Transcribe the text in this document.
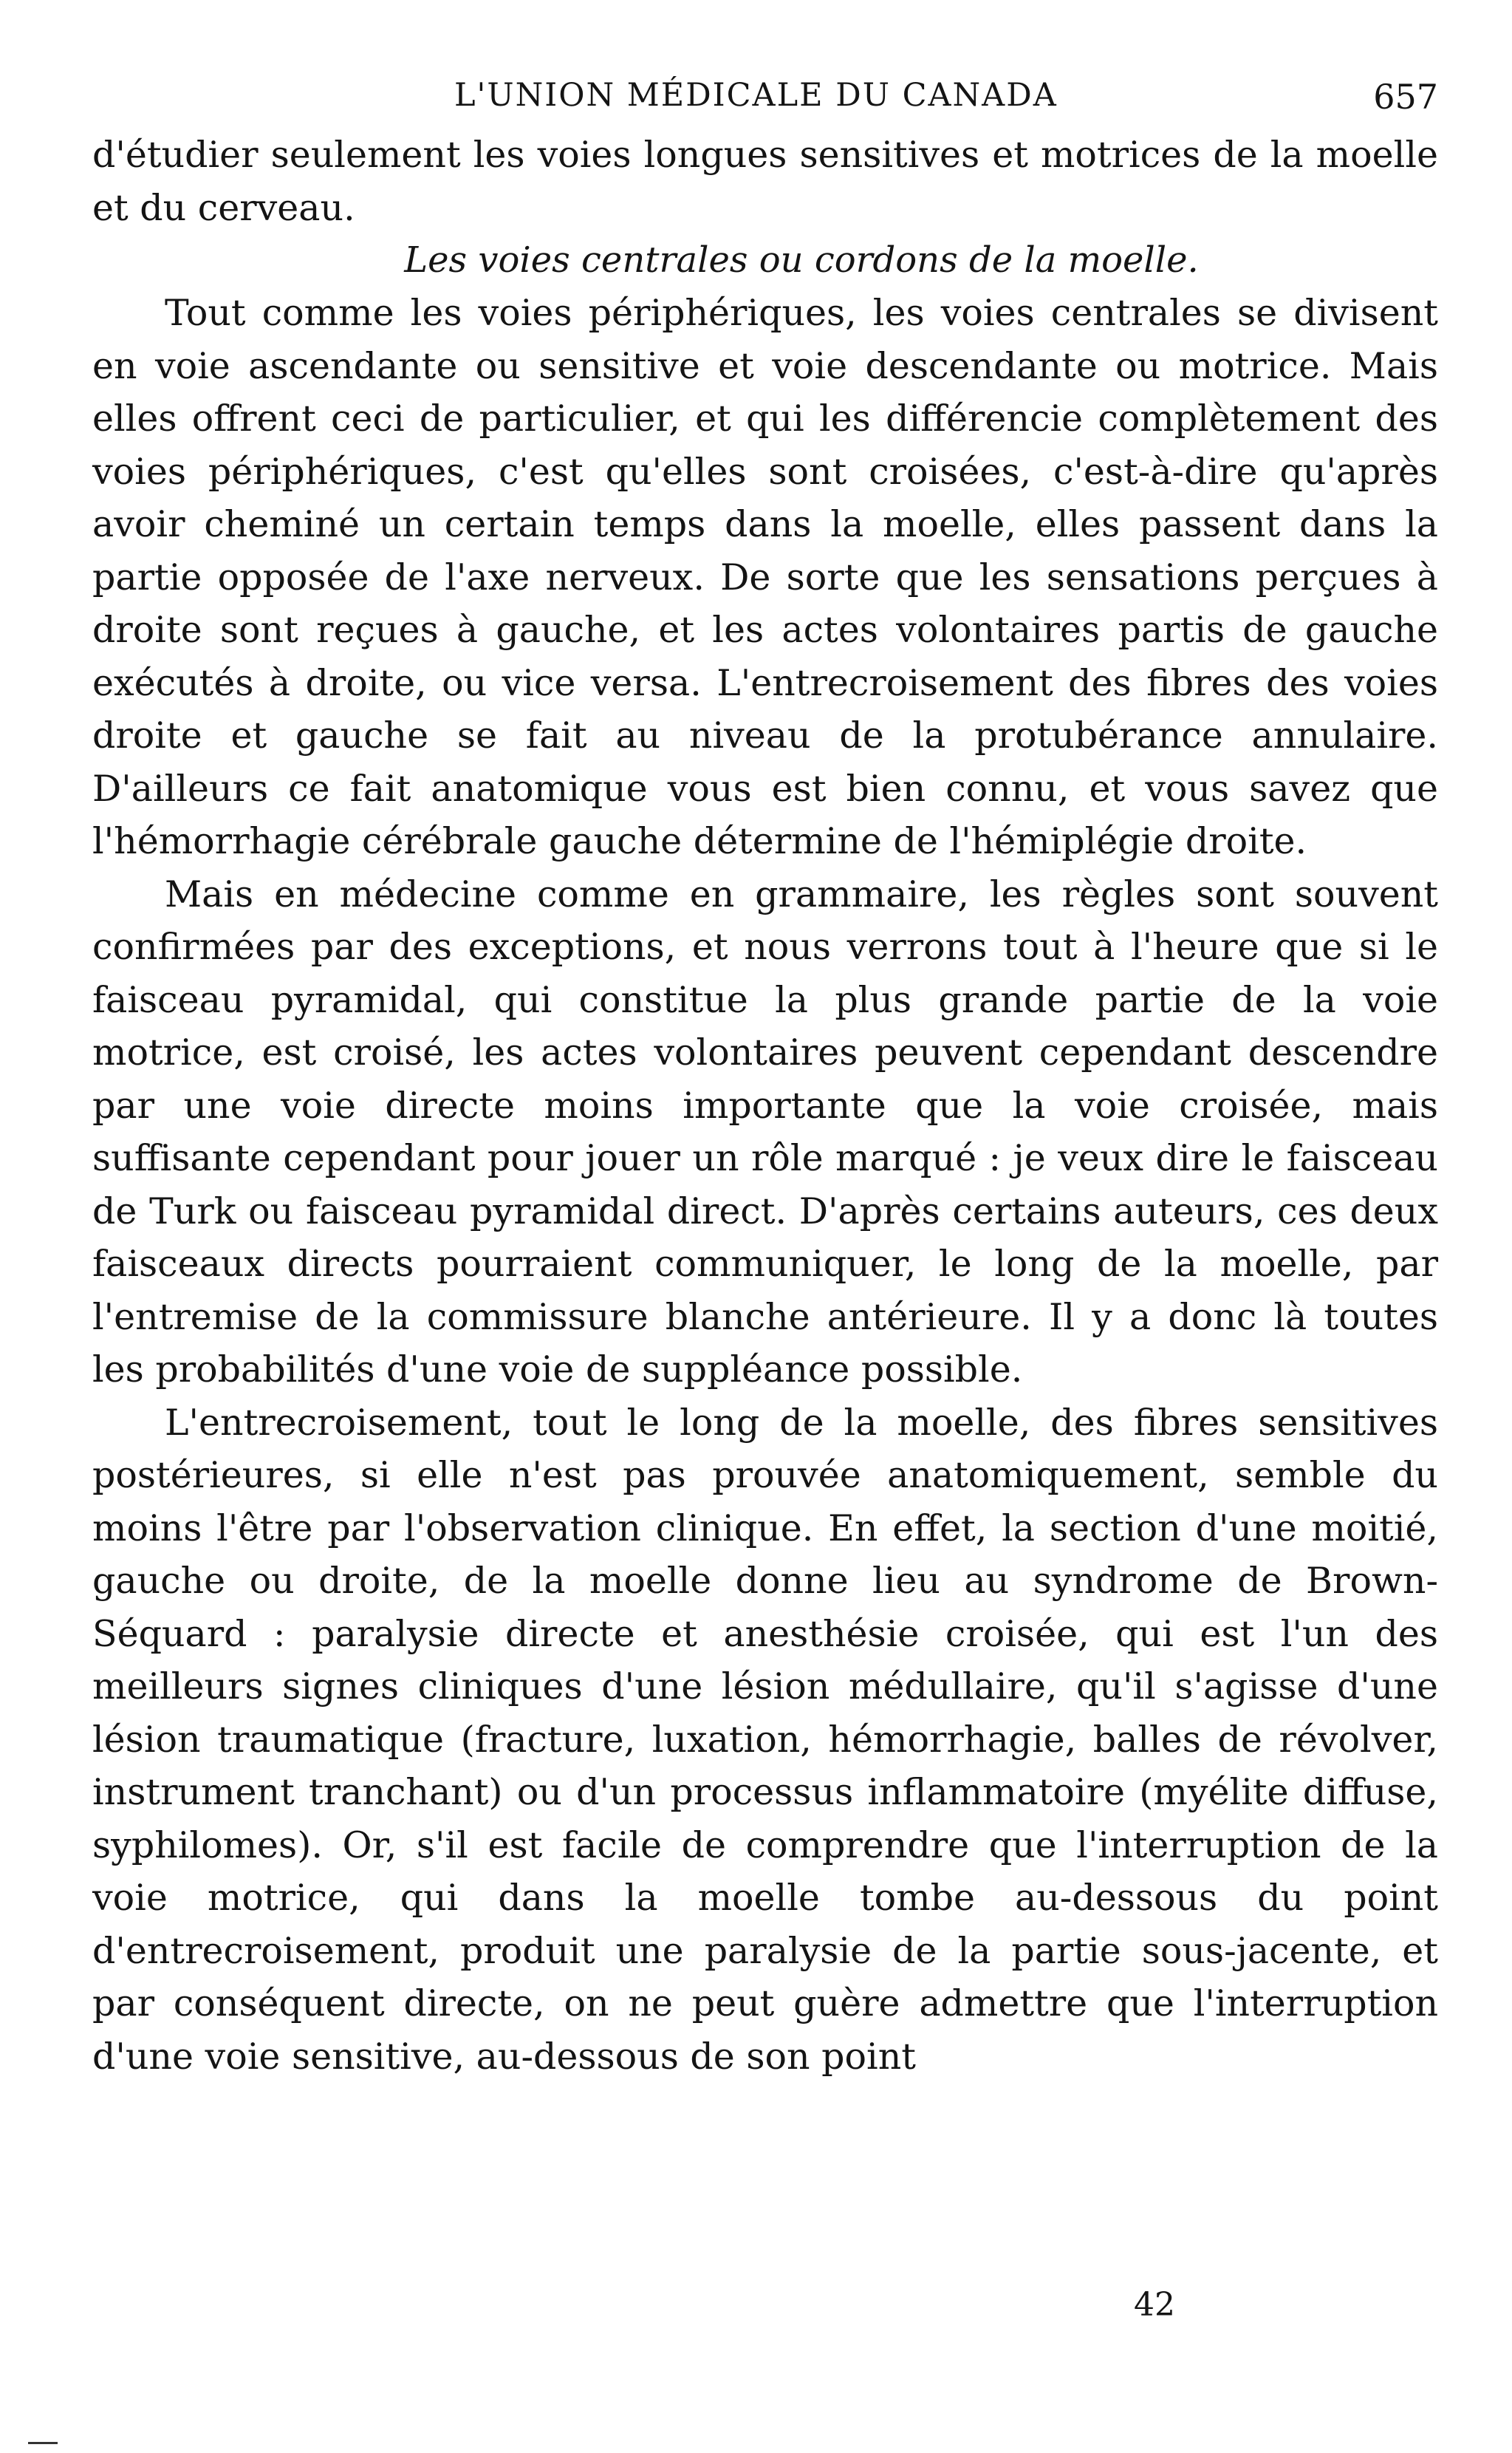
L'UNION MÉDICALE DU CANADA	657

d'étudier seulement les voies longues sensitives et motrices de la moelle et du cerveau.

Les voies centrales ou cordons de la moelle.

Tout comme les voies périphériques, les voies centrales se divisent en voie ascendante ou sensitive et voie descendante ou motrice. Mais elles offrent ceci de particulier, et qui les différencie complètement des voies périphériques, c'est qu'elles sont croisées, c'est-à-dire qu'après avoir cheminé un certain temps dans la moelle, elles passent dans la partie opposée de l'axe nerveux. De sorte que les sensations perçues à droite sont reçues à gauche, et les actes volontaires partis de gauche exécutés à droite, ou vice versa. L'entrecroisement des fibres des voies droite et gauche se fait au niveau de la protubérance annulaire. D'ailleurs ce fait anatomique vous est bien connu, et vous savez que l'hémorrhagie cérébrale gauche détermine de l'hémiplégie droite.

Mais en médecine comme en grammaire, les règles sont souvent confirmées par des exceptions, et nous verrons tout à l'heure que si le faisceau pyramidal, qui constitue la plus grande partie de la voie motrice, est croisé, les actes volontaires peuvent cependant descendre par une voie directe moins importante que la voie croisée, mais suffisante cependant pour jouer un rôle marqué : je veux dire le faisceau de Turk ou faisceau pyramidal direct. D'après certains auteurs, ces deux faisceaux directs pourraient communiquer, le long de la moelle, par l'entremise de la commissure blanche antérieure. Il y a donc là toutes les probabilités d'une voie de suppléance possible.

L'entrecroisement, tout le long de la moelle, des fibres sensitives postérieures, si elle n'est pas prouvée anatomiquement, semble du moins l'être par l'observation clinique. En effet, la section d'une moitié, gauche ou droite, de la moelle donne lieu au syndrome de Brown-Séquard : paralysie directe et anesthésie croisée, qui est l'un des meilleurs signes cliniques d'une lésion médullaire, qu'il s'agisse d'une lésion traumatique (fracture, luxation, hémorrhagie, balles de révolver, instrument tranchant) ou d'un processus inflammatoire (myélite diffuse, syphilomes). Or, s'il est facile de comprendre que l'interruption de la voie motrice, qui dans la moelle tombe au-dessous du point d'entrecroisement, produit une paralysie de la partie sous-jacente, et par conséquent directe, on ne peut guère admettre que l'interruption d'une voie sensitive, au-dessous de son point

42
